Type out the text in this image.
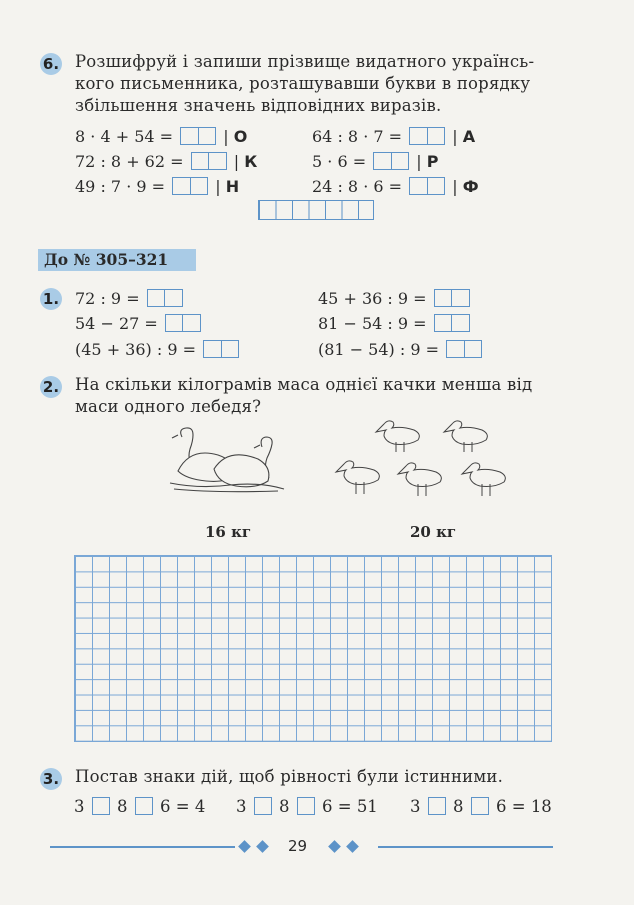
6. Розшифруй і запиши прізвище видатного українсь-
кого письменника, розташувавши букви в порядку
збільшення значень відповідних виразів.
8 · 4 + 54 =	| О	64 : 8 · 7 =	| А
72 : 8 + 62 =	| К	5 · 6 =	| Р
49 : 7 · 9 =	| Н	24 : 8 · 6 =	| Ф
До № 305–321
1. 72 : 9 =	45 + 36 : 9 =
54 − 27 =	81 − 54 : 9 =
(45 + 36) : 9 =	(81 − 54) : 9 =
2. На скільки кілограмів маса однієї качки менша від
маси одного лебедя?
16 кг	20 кг
3. Постав знаки дій, щоб рівності були істинними.
3 8 6 = 4 3 8 6 = 51 3 8 6 = 18
29
